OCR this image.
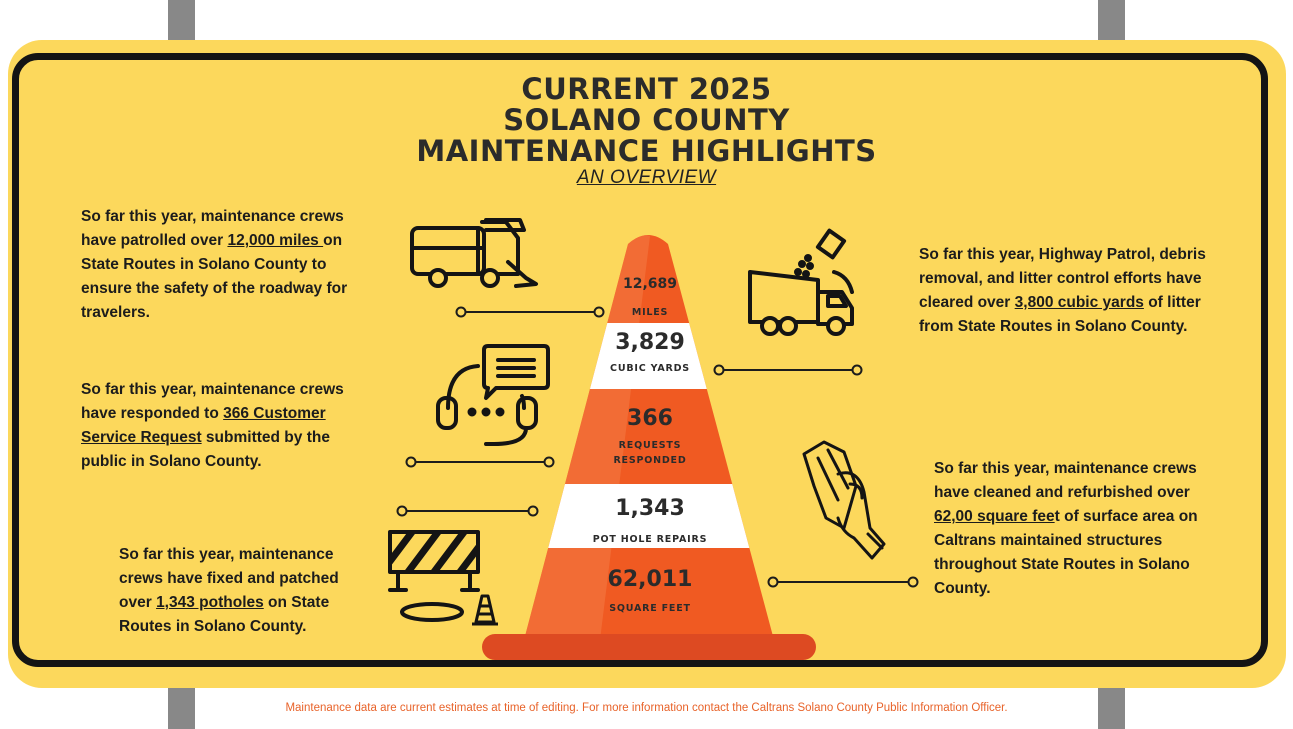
CURRENT 2025
SOLANO COUNTY
MAINTENANCE HIGHLIGHTS
AN OVERVIEW
12,689
MILES
3,829
CUBIC YARDS
366
REQUESTS
RESPONDED
1,343
POT HOLE REPAIRS
62,011
SQUARE FEET
So far this year, maintenance crews have patrolled over 12,000 miles on State Routes in Solano County to ensure the safety of the roadway for travelers.
So far this year, maintenance crews have responded to 366 Customer Service Request submitted by the public in Solano County.
So far this year, maintenance crews have fixed and patched over 1,343 potholes on State Routes in Solano County.
So far this year, Highway Patrol, debris removal, and litter control efforts have cleared over 3,800 cubic yards of litter from State Routes in Solano County.
So far this year, maintenance crews have cleaned and refurbished over 62,00 square feet of surface area on Caltrans maintained structures throughout State Routes in Solano County.
Maintenance data are current estimates at time of editing. For more information contact the Caltrans Solano County Public Information Officer.
